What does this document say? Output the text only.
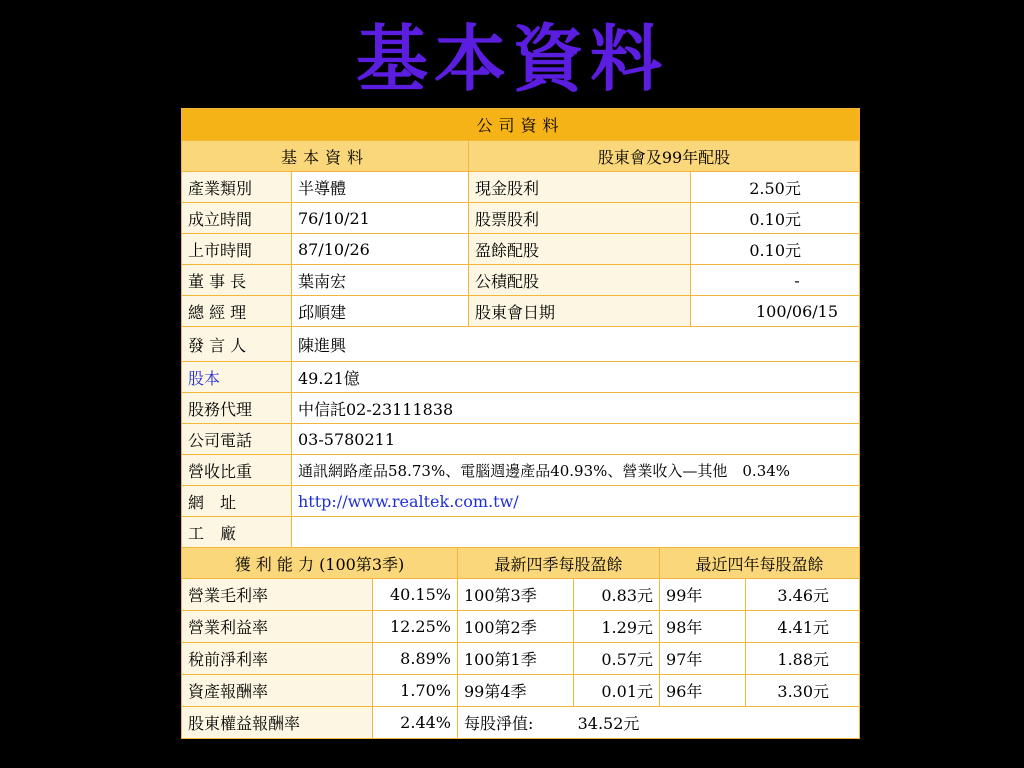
基本資料
公司資料			
基本資料		股東會及99年配股	
產業類別	半導體	現金股利	2.50元
成立時間	76/10/21	股票股利	0.10元
上市時間	87/10/26	盈餘配股	0.10元
董 事 長	葉南宏	公積配股	-
總 經 理	邱順建	股東會日期	100/06/15
發 言 人	陳進興		
股本	49.21億		
股務代理	中信託02-23111838		
公司電話	03-5780211		
營收比重	通訊網路產品58.73%、電腦週邊產品40.93%、營業收入—其他　0.34%		
網　址	http://www.realtek.com.tw/		
工　廠			
獲 利 能 力 (100第3季)		最新四季每股盈餘		最近四年每股盈餘	
營業毛利率	40.15%	100第3季	0.83元	99年	3.46元
營業利益率	12.25%	100第2季	1.29元	98年	4.41元
稅前淨利率	8.89%	100第1季	0.57元	97年	1.88元
資產報酬率	1.70%	99第4季	0.01元	96年	3.30元
股東權益報酬率	2.44%	每股淨值: 34.52元			
